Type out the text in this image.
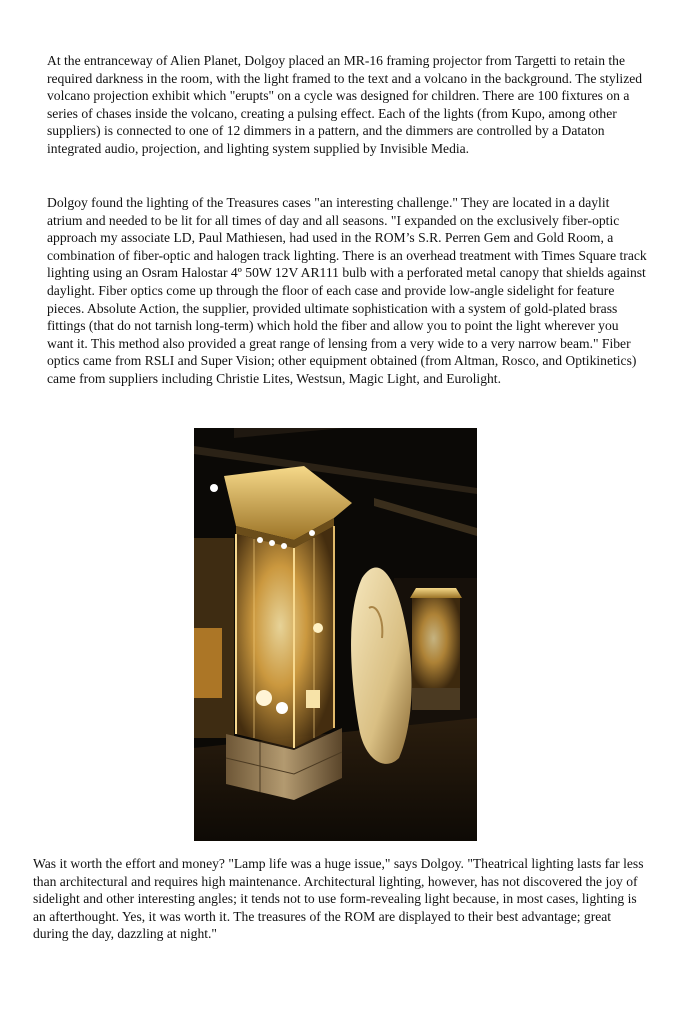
At the entranceway of Alien Planet, Dolgoy placed an MR-16 framing projector from Targetti to retain the required darkness in the room, with the light framed to the text and a volcano in the background. The stylized volcano projection exhibit which "erupts" on a cycle was designed for children. There are 100 fixtures on a series of chases inside the volcano, creating a pulsing effect. Each of the lights (from Kupo, among other suppliers) is connected to one of 12 dimmers in a pattern, and the dimmers are controlled by a Dataton integrated audio, projection, and lighting system supplied by Invisible Media.

Dolgoy found the lighting of the Treasures cases "an interesting challenge." They are located in a daylit atrium and needed to be lit for all times of day and all seasons. "I expanded on the exclusively fiber-optic approach my associate LD, Paul Mathiesen, had used in the ROM’s S.R. Perren Gem and Gold Room, a combination of fiber-optic and halogen track lighting. There is an overhead treatment with Times Square track lighting using an Osram Halostar 4º 50W 12V AR111 bulb with a perforated metal canopy that shields against daylight. Fiber optics come up through the floor of each case and provide low-angle sidelight for feature pieces. Absolute Action, the supplier, provided ultimate sophistication with a system of gold-plated brass fittings (that do not tarnish long-term) which hold the fiber and allow you to point the light wherever you want it. This method also provided a great range of lensing from a very wide to a very narrow beam." Fiber optics came from RSLI and Super Vision; other equipment obtained (from Altman, Rosco, and Optikinetics) came from suppliers including Christie Lites, Westsun, Magic Light, and Eurolight.

Was it worth the effort and money? "Lamp life was a huge issue," says Dolgoy. "Theatrical lighting lasts far less than architectural and requires high maintenance. Architectural lighting, however, has not discovered the joy of sidelight and other interesting angles; it tends not to use form-revealing light because, in most cases, lighting is an afterthought. Yes, it was worth it. The treasures of the ROM are displayed to their best advantage; great during the day, dazzling at night."
